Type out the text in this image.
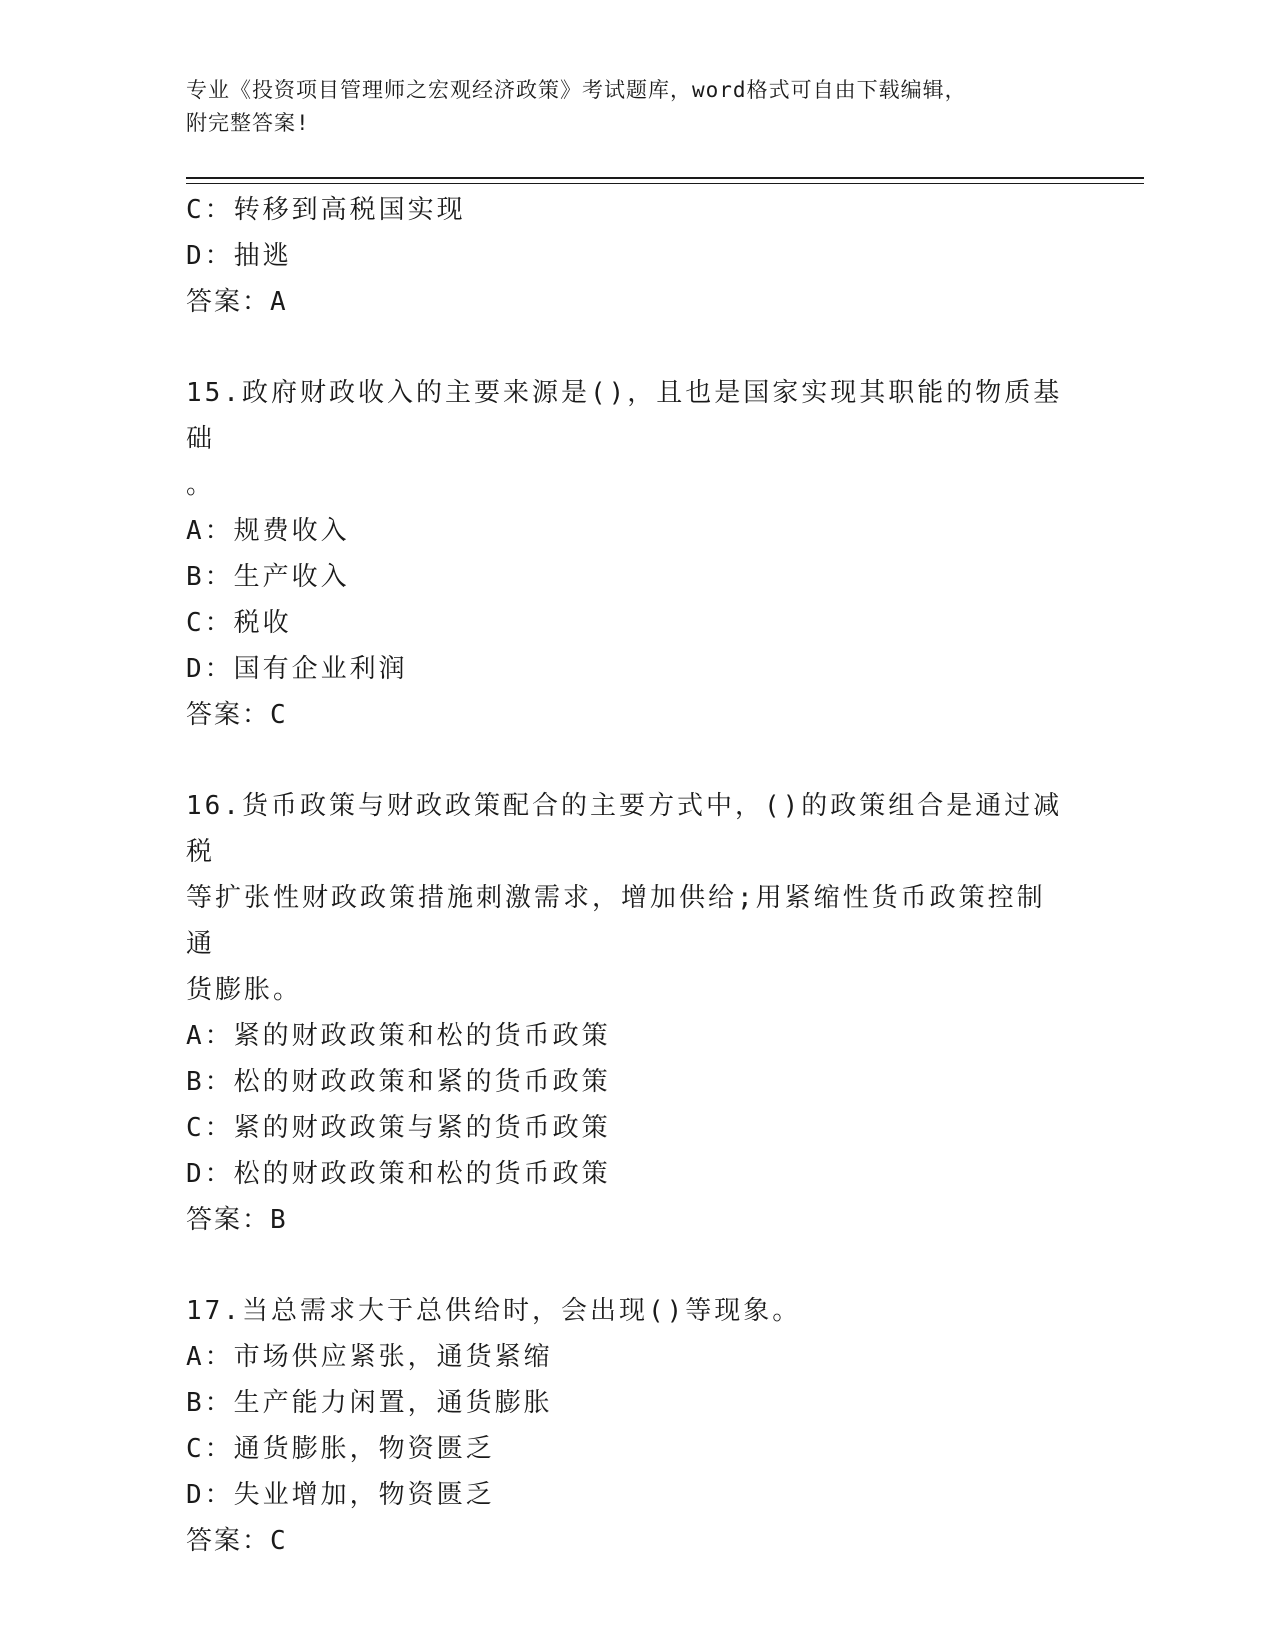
专业《投资项目管理师之宏观经济政策》考试题库，word格式可自由下载编辑，
附完整答案!

C：转移到高税国实现

D：抽逃

答案：A

15.政府财政收入的主要来源是()，且也是国家实现其职能的物质基础

。

A：规费收入

B：生产收入

C：税收

D：国有企业利润

答案：C

16.货币政策与财政政策配合的主要方式中，()的政策组合是通过减税

等扩张性财政政策措施刺激需求，增加供给;用紧缩性货币政策控制通

货膨胀。

A：紧的财政政策和松的货币政策

B：松的财政政策和紧的货币政策

C：紧的财政政策与紧的货币政策

D：松的财政政策和松的货币政策

答案：B

17.当总需求大于总供给时，会出现()等现象。

A：市场供应紧张，通货紧缩

B：生产能力闲置，通货膨胀

C：通货膨胀，物资匮乏

D：失业增加，物资匮乏

答案：C
